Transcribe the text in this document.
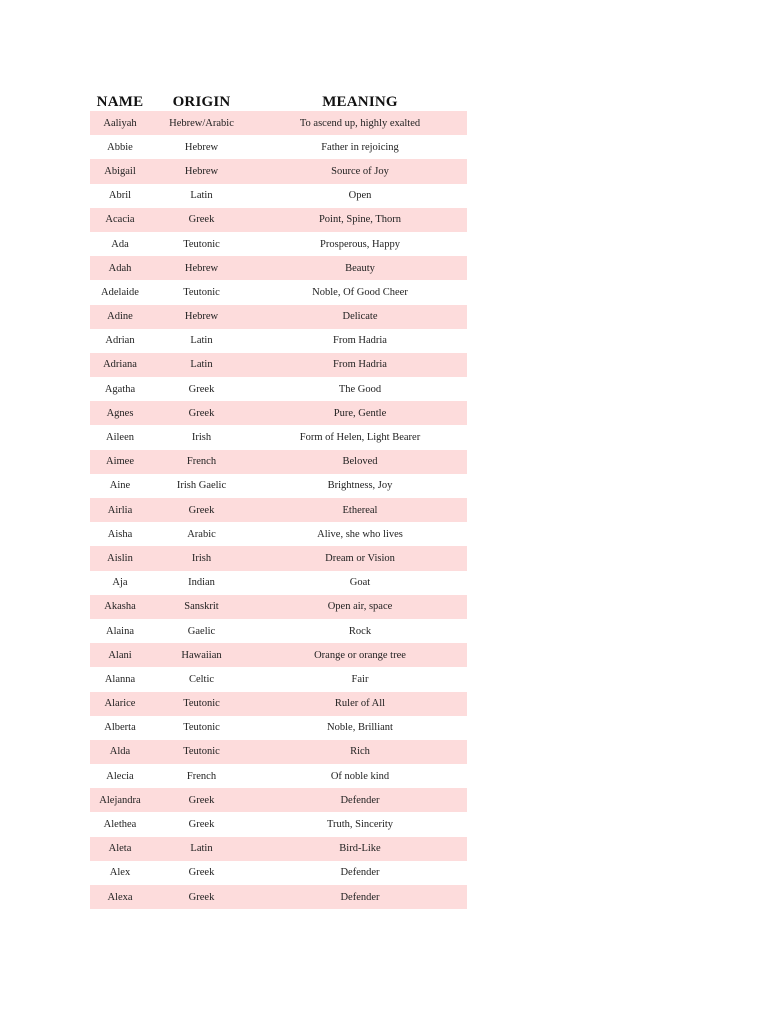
NAME	ORIGIN	MEANING
Aaliyah	Hebrew/Arabic	To ascend up, highly exalted
Abbie	Hebrew	Father in rejoicing
Abigail	Hebrew	Source of Joy
Abril	Latin	Open
Acacia	Greek	Point, Spine, Thorn
Ada	Teutonic	Prosperous, Happy
Adah	Hebrew	Beauty
Adelaide	Teutonic	Noble, Of Good Cheer
Adine	Hebrew	Delicate
Adrian	Latin	From Hadria
Adriana	Latin	From Hadria
Agatha	Greek	The Good
Agnes	Greek	Pure, Gentle
Aileen	Irish	Form of Helen, Light Bearer
Aimee	French	Beloved
Aine	Irish Gaelic	Brightness, Joy
Airlia	Greek	Ethereal
Aisha	Arabic	Alive, she who lives
Aislin	Irish	Dream or Vision
Aja	Indian	Goat
Akasha	Sanskrit	Open air, space
Alaina	Gaelic	Rock
Alani	Hawaiian	Orange or orange tree
Alanna	Celtic	Fair
Alarice	Teutonic	Ruler of All
Alberta	Teutonic	Noble, Brilliant
Alda	Teutonic	Rich
Alecia	French	Of noble kind
Alejandra	Greek	Defender
Alethea	Greek	Truth, Sincerity
Aleta	Latin	Bird-Like
Alex	Greek	Defender
Alexa	Greek	Defender
